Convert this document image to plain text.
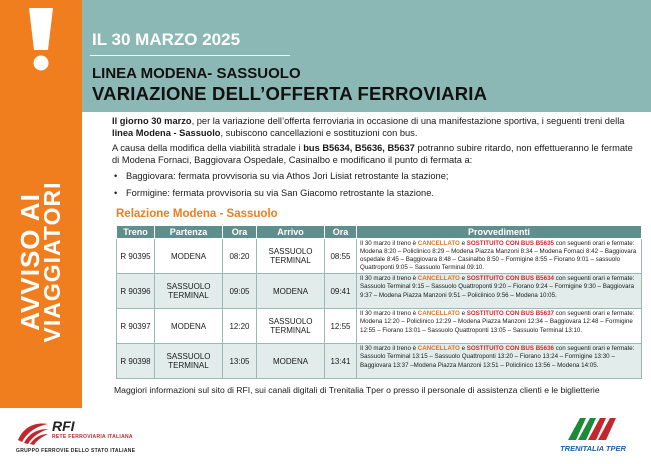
AVVISO AI
VIAGGIATORI
IL 30 MARZO 2025
LINEA MODENA- SASSUOLO
VARIAZIONE DELL’OFFERTA FERROVIARIA

Il giorno 30 marzo, per la variazione dell’offerta ferroviaria in occasione di una manifestazione sportiva, i seguenti treni della linea Modena - Sassuolo, subiscono cancellazioni e sostituzioni con bus.

A causa della modifica della viabilità stradale i bus B5634, B5636, B5637 potranno subire ritardo, non effettueranno le fermate di Modena Fornaci, Baggiovara Ospedale, Casinalbo e modificano il punto di fermata a:

• Baggiovara: fermata provvisoria su via Athos Jori Lisiat retrostante la stazione;
• Formigine: fermata provvisoria su via San Giacomo retrostante la stazione.
Relazione Modena - Sassuolo
Treno	Partenza	Ora	Arrivo	Ora	Provvedimenti
R 90395	MODENA	08:20	SASSUOLO TERMINAL	08:55	Il 30 marzo il treno è CANCELLATO e SOSTITUITO CON BUS B5635 con seguenti orari e fermate: Modena 8:20 – Policlinico 8:29 – Modena Piazza Manzoni 8:34 – Modena Fornaci 8:42 – Baggiovara ospedale 8:45 – Baggiovara 8:48 – Casinalbo 8:50 – Formigine 8:55 – Fiorano 9:01 – sassuolo Quattroponti 9:05 – Sassuolo Terminal 09:10.
R 90396	SASSUOLO TERMINAL	09:05	MODENA	09:41	Il 30 marzo il treno è CANCELLATO e SOSTITUITO CON BUS B5634 con seguenti orari e fermate: Sassuolo Terminal 9:15 – Sassuolo Quattroponti 9:20 – Fiorano 9:24 – Formigine 9:30 – Baggiovara 9:37 – Modena Piazza Manzoni 9:51 – Policlinico 9:56 – Modena 10:05.
R 90397	MODENA	12:20	SASSUOLO TERMINAL	12:55	Il 30 marzo il treno è CANCELLATO e SOSTITUITO CON BUS B5637 con seguenti orari e fermate: Modena 12:20 – Policlinico 12:29 – Modena Piazza Manzoni 12:34 – Baggiovara 12:48 – Formigine 12:55 – Fiorano 13:01 – Sassuolo Quattroponti 13:05 – Sassuolo Terminal 13:10.
R 90398	SASSUOLO TERMINAL	13:05	MODENA	13:41	Il 30 marzo il treno è CANCELLATO e SOSTITUITO CON BUS B5636 con seguenti orari e fermate: Sassuolo Terminal 13:15 – Sassuolo Quattroponti 13:20 – Fiorano 13:24 – Formigine 13:30 – Baggiovara 13:37 –Modena Piazza Manzoni 13:51 – Policlinico 13:56 – Modena 14:05.
Maggiori informazioni sul sito di RFI, sui canali digitali di Trenitalia Tper o presso il personale di assistenza clienti e le biglietterie
RFI
RETE FERROVIARIA ITALIANA
GRUPPO FERROVIE DELLO STATO ITALIANE	TRENITALIA TPER
